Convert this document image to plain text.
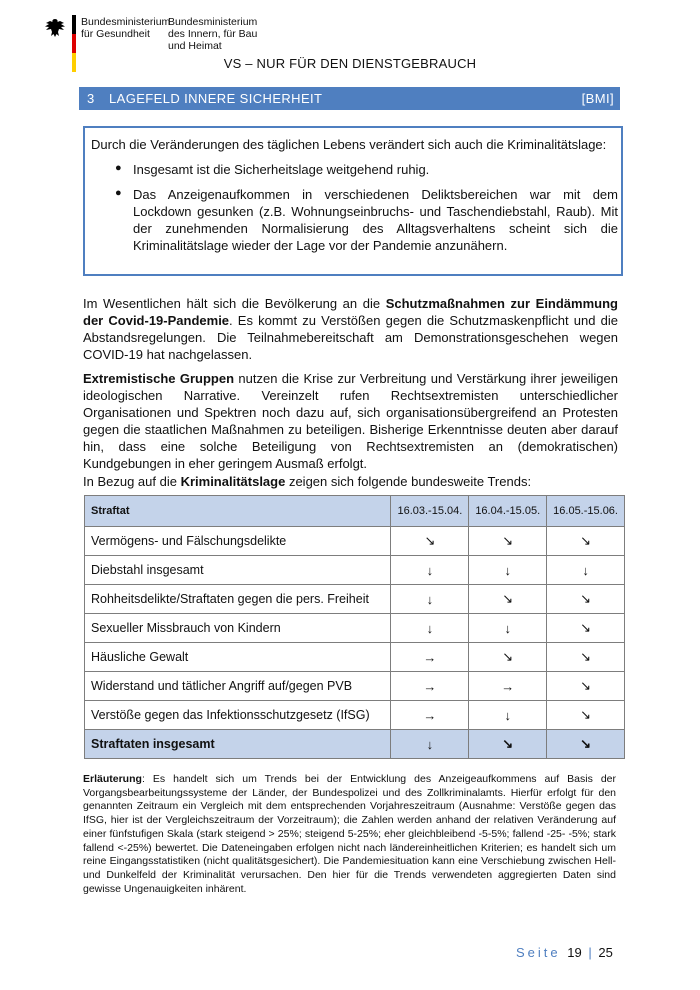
Bundesministerium
für Gesundheit
Bundesministerium
des Innern, für Bau
und Heimat
VS – NUR FÜR DEN DIENSTGEBRAUCH
3 LAGEFELD INNERE SICHERHEIT	[BMI]
Durch die Veränderungen des täglichen Lebens verändert sich auch die Kriminalitätslage:
● Insgesamt ist die Sicherheitslage weitgehend ruhig.
● Das Anzeigenaufkommen in verschiedenen Deliktsbereichen war mit dem Lockdown gesunken (z.B. Wohnungseinbruchs- und Taschendiebstahl, Raub). Mit der zunehmenden Normalisierung des Alltagsverhaltens scheint sich die Kriminalitätslage wieder der Lage vor der Pandemie anzunähern.
Im Wesentlichen hält sich die Bevölkerung an die Schutzmaßnahmen zur Eindämmung der Covid-19-Pandemie. Es kommt zu Verstößen gegen die Schutzmaskenpflicht und die Abstandsregelungen. Die Teilnahmebereitschaft am Demonstrationsgeschehen wegen COVID-19 hat nachgelassen.
Extremistische Gruppen nutzen die Krise zur Verbreitung und Verstärkung ihrer jeweiligen ideologischen Narrative. Vereinzelt rufen Rechtsextremisten unterschiedlicher Organisationen und Spektren noch dazu auf, sich organisationsübergreifend an Protesten gegen die staatlichen Maßnahmen zu beteiligen. Bisherige Erkenntnisse deuten aber darauf hin, dass eine solche Beteiligung von Rechtsextremisten an (demokratischen) Kundgebungen in eher geringem Ausmaß erfolgt.
In Bezug auf die Kriminalitätslage zeigen sich folgende bundesweite Trends:
Straftat	16.03.-15.04.	16.04.-15.05.	16.05.-15.06.
Vermögens- und Fälschungsdelikte	↘	↘	↘
Diebstahl insgesamt	↓	↓	↓
Rohheitsdelikte/Straftaten gegen die pers. Freiheit	↓	↘	↘
Sexueller Missbrauch von Kindern	↓	↓	↘
Häusliche Gewalt	→	↘	↘
Widerstand und tätlicher Angriff auf/gegen PVB	→	→	↘
Verstöße gegen das Infektionsschutzgesetz (IfSG)	→	↓	↘
Straftaten insgesamt	↓	↘	↘
Erläuterung: Es handelt sich um Trends bei der Entwicklung des Anzeigeaufkommens auf Basis der Vorgangsbearbeitungssysteme der Länder, der Bundespolizei und des Zollkriminalamts. Hierfür erfolgt für den genannten Zeitraum ein Vergleich mit dem entsprechenden Vorjahreszeitraum (Ausnahme: Verstöße gegen das IfSG, hier ist der Vergleichszeitraum der Vorzeitraum); die Zahlen werden anhand der relativen Veränderung auf einer fünfstufigen Skala (stark steigend > 25%; steigend 5-25%; eher gleichbleibend -5-5%; fallend -25- -5%; stark fallend <-25%) bewertet. Die Dateneingaben erfolgen nicht nach ländereinheitlichen Kriterien; es handelt sich um reine Eingangsstatistiken (nicht qualitätsgesichert). Die Pandemiesituation kann eine Verschiebung zwischen Hell- und Dunkelfeld der Kriminalität verursachen. Den hier für die Trends verwendeten aggregierten Daten sind gewisse Ungenauigkeiten inhärent.
Seite 19 | 25
